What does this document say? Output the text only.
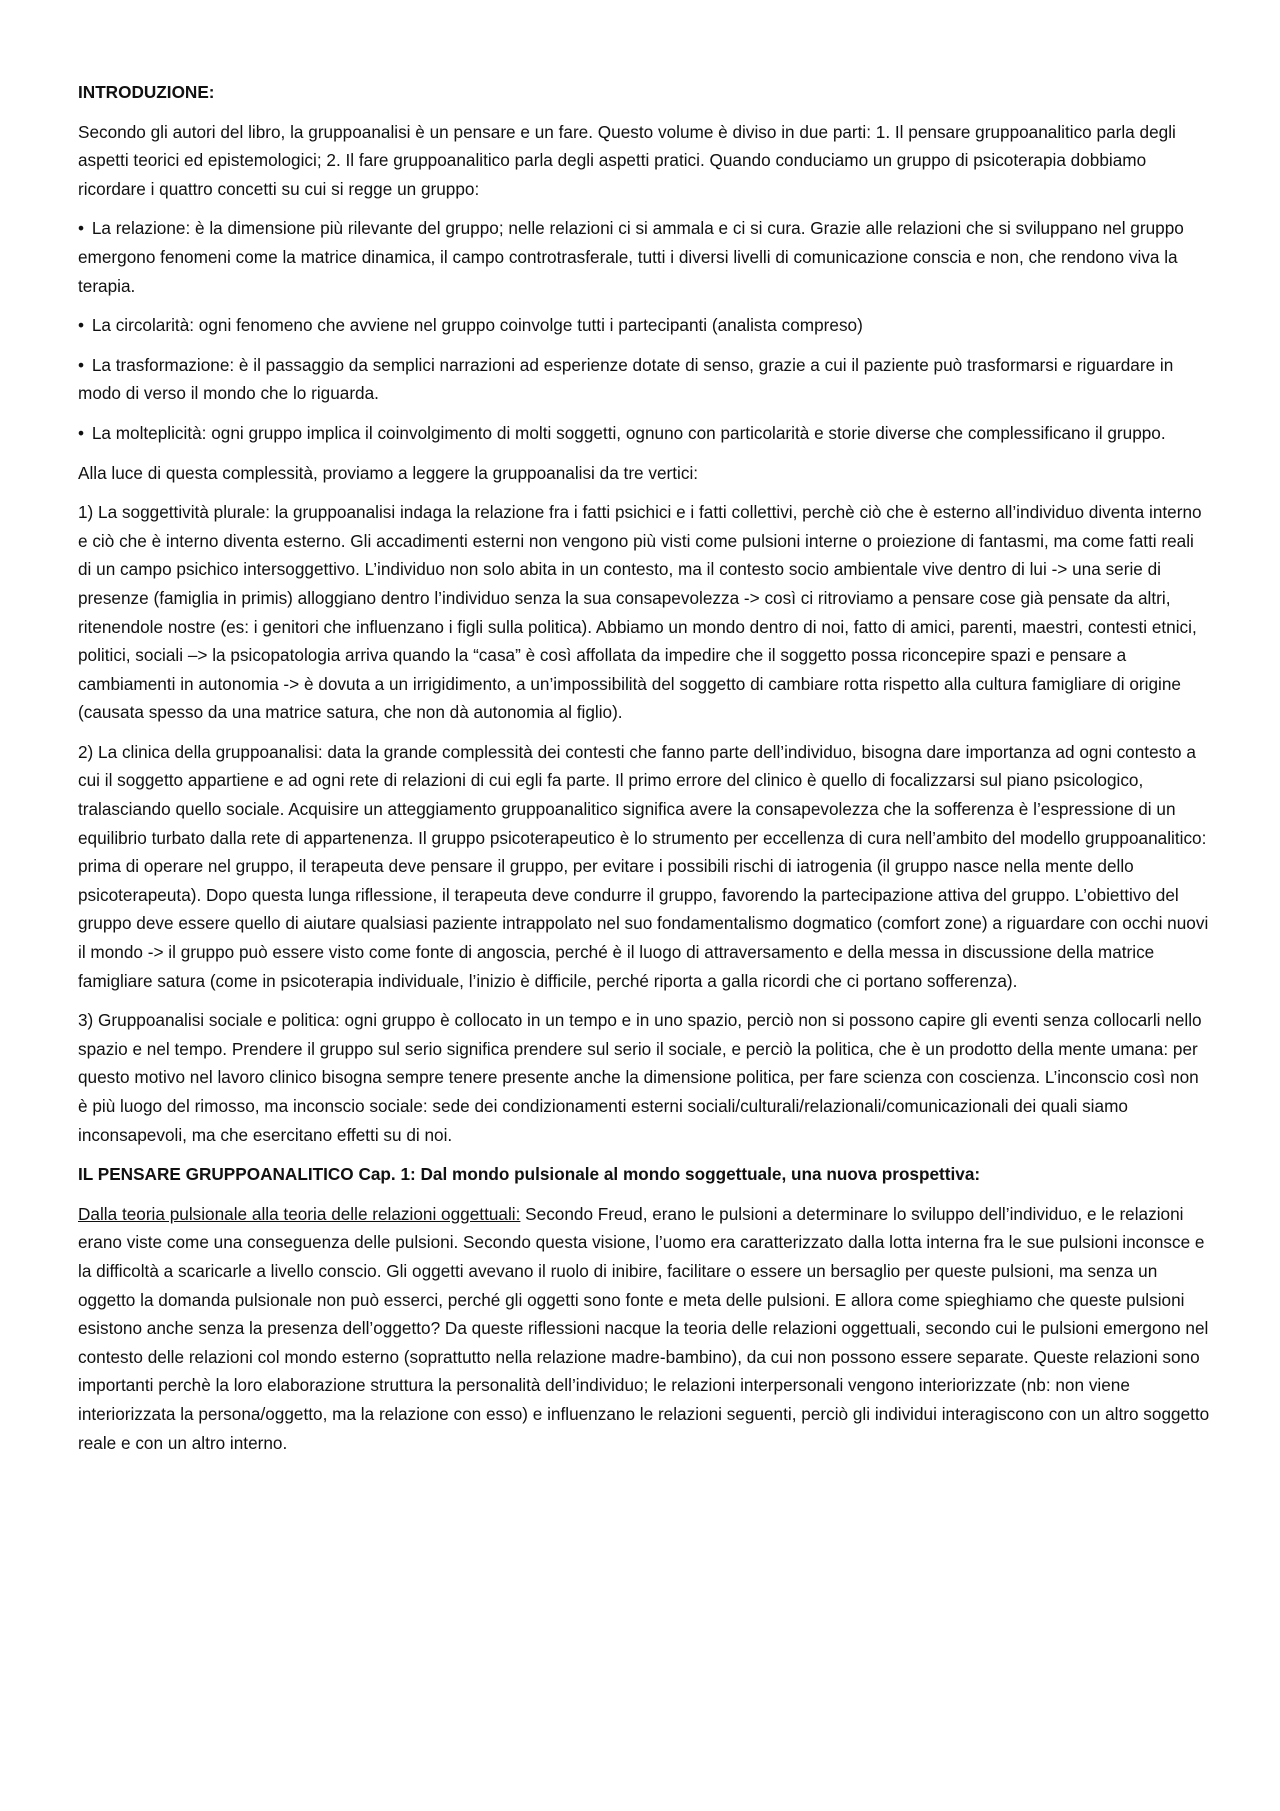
INTRODUZIONE:

Secondo gli autori del libro, la gruppoanalisi è un pensare e un fare. Questo volume è diviso in due parti: 1. Il pensare gruppoanalitico parla degli aspetti teorici ed epistemologici; 2. Il fare gruppoanalitico parla degli aspetti pratici. Quando conduciamo un gruppo di psicoterapia dobbiamo ricordare i quattro concetti su cui si regge un gruppo:

• La relazione: è la dimensione più rilevante del gruppo; nelle relazioni ci si ammala e ci si cura. Grazie alle relazioni che si sviluppano nel gruppo emergono fenomeni come la matrice dinamica, il campo controtrasferale, tutti i diversi livelli di comunicazione conscia e non, che rendono viva la terapia.

• La circolarità: ogni fenomeno che avviene nel gruppo coinvolge tutti i partecipanti (analista compreso)

• La trasformazione: è il passaggio da semplici narrazioni ad esperienze dotate di senso, grazie a cui il paziente può trasformarsi e riguardare in modo di verso il mondo che lo riguarda.

• La molteplicità: ogni gruppo implica il coinvolgimento di molti soggetti, ognuno con particolarità e storie diverse che complessificano il gruppo.

Alla luce di questa complessità, proviamo a leggere la gruppoanalisi da tre vertici:

1) La soggettività plurale: la gruppoanalisi indaga la relazione fra i fatti psichici e i fatti collettivi, perchè ciò che è esterno all’individuo diventa interno e ciò che è interno diventa esterno. Gli accadimenti esterni non vengono più visti come pulsioni interne o proiezione di fantasmi, ma come fatti reali di un campo psichico intersoggettivo. L’individuo non solo abita in un contesto, ma il contesto socio ambientale vive dentro di lui -> una serie di presenze (famiglia in primis) alloggiano dentro l’individuo senza la sua consapevolezza -> così ci ritroviamo a pensare cose già pensate da altri, ritenendole nostre (es: i genitori che influenzano i figli sulla politica). Abbiamo un mondo dentro di noi, fatto di amici, parenti, maestri, contesti etnici, politici, sociali –> la psicopatologia arriva quando la “casa” è così affollata da impedire che il soggetto possa riconcepire spazi e pensare a cambiamenti in autonomia -> è dovuta a un irrigidimento, a un’impossibilità del soggetto di cambiare rotta rispetto alla cultura famigliare di origine (causata spesso da una matrice satura, che non dà autonomia al figlio).

2) La clinica della gruppoanalisi: data la grande complessità dei contesti che fanno parte dell’individuo, bisogna dare importanza ad ogni contesto a cui il soggetto appartiene e ad ogni rete di relazioni di cui egli fa parte. Il primo errore del clinico è quello di focalizzarsi sul piano psicologico, tralasciando quello sociale. Acquisire un atteggiamento gruppoanalitico significa avere la consapevolezza che la sofferenza è l’espressione di un equilibrio turbato dalla rete di appartenenza. Il gruppo psicoterapeutico è lo strumento per eccellenza di cura nell’ambito del modello gruppoanalitico: prima di operare nel gruppo, il terapeuta deve pensare il gruppo, per evitare i possibili rischi di iatrogenia (il gruppo nasce nella mente dello psicoterapeuta). Dopo questa lunga riflessione, il terapeuta deve condurre il gruppo, favorendo la partecipazione attiva del gruppo. L’obiettivo del gruppo deve essere quello di aiutare qualsiasi paziente intrappolato nel suo fondamentalismo dogmatico (comfort zone) a riguardare con occhi nuovi il mondo -> il gruppo può essere visto come fonte di angoscia, perché è il luogo di attraversamento e della messa in discussione della matrice famigliare satura (come in psicoterapia individuale, l’inizio è difficile, perché riporta a galla ricordi che ci portano sofferenza).

3) Gruppoanalisi sociale e politica: ogni gruppo è collocato in un tempo e in uno spazio, perciò non si possono capire gli eventi senza collocarli nello spazio e nel tempo. Prendere il gruppo sul serio significa prendere sul serio il sociale, e perciò la politica, che è un prodotto della mente umana: per questo motivo nel lavoro clinico bisogna sempre tenere presente anche la dimensione politica, per fare scienza con coscienza. L’inconscio così non è più luogo del rimosso, ma inconscio sociale: sede dei condizionamenti esterni sociali/culturali/relazionali/comunicazionali dei quali siamo inconsapevoli, ma che esercitano effetti su di noi.

IL PENSARE GRUPPOANALITICO Cap. 1: Dal mondo pulsionale al mondo soggettuale, una nuova prospettiva:

Dalla teoria pulsionale alla teoria delle relazioni oggettuali: Secondo Freud, erano le pulsioni a determinare lo sviluppo dell’individuo, e le relazioni erano viste come una conseguenza delle pulsioni. Secondo questa visione, l’uomo era caratterizzato dalla lotta interna fra le sue pulsioni inconsce e la difficoltà a scaricarle a livello conscio. Gli oggetti avevano il ruolo di inibire, facilitare o essere un bersaglio per queste pulsioni, ma senza un oggetto la domanda pulsionale non può esserci, perché gli oggetti sono fonte e meta delle pulsioni. E allora come spieghiamo che queste pulsioni esistono anche senza la presenza dell’oggetto? Da queste riflessioni nacque la teoria delle relazioni oggettuali, secondo cui le pulsioni emergono nel contesto delle relazioni col mondo esterno (soprattutto nella relazione madre-bambino), da cui non possono essere separate. Queste relazioni sono importanti perchè la loro elaborazione struttura la personalità dell’individuo; le relazioni interpersonali vengono interiorizzate (nb: non viene interiorizzata la persona/oggetto, ma la relazione con esso) e influenzano le relazioni seguenti, perciò gli individui interagiscono con un altro soggetto reale e con un altro interno.
